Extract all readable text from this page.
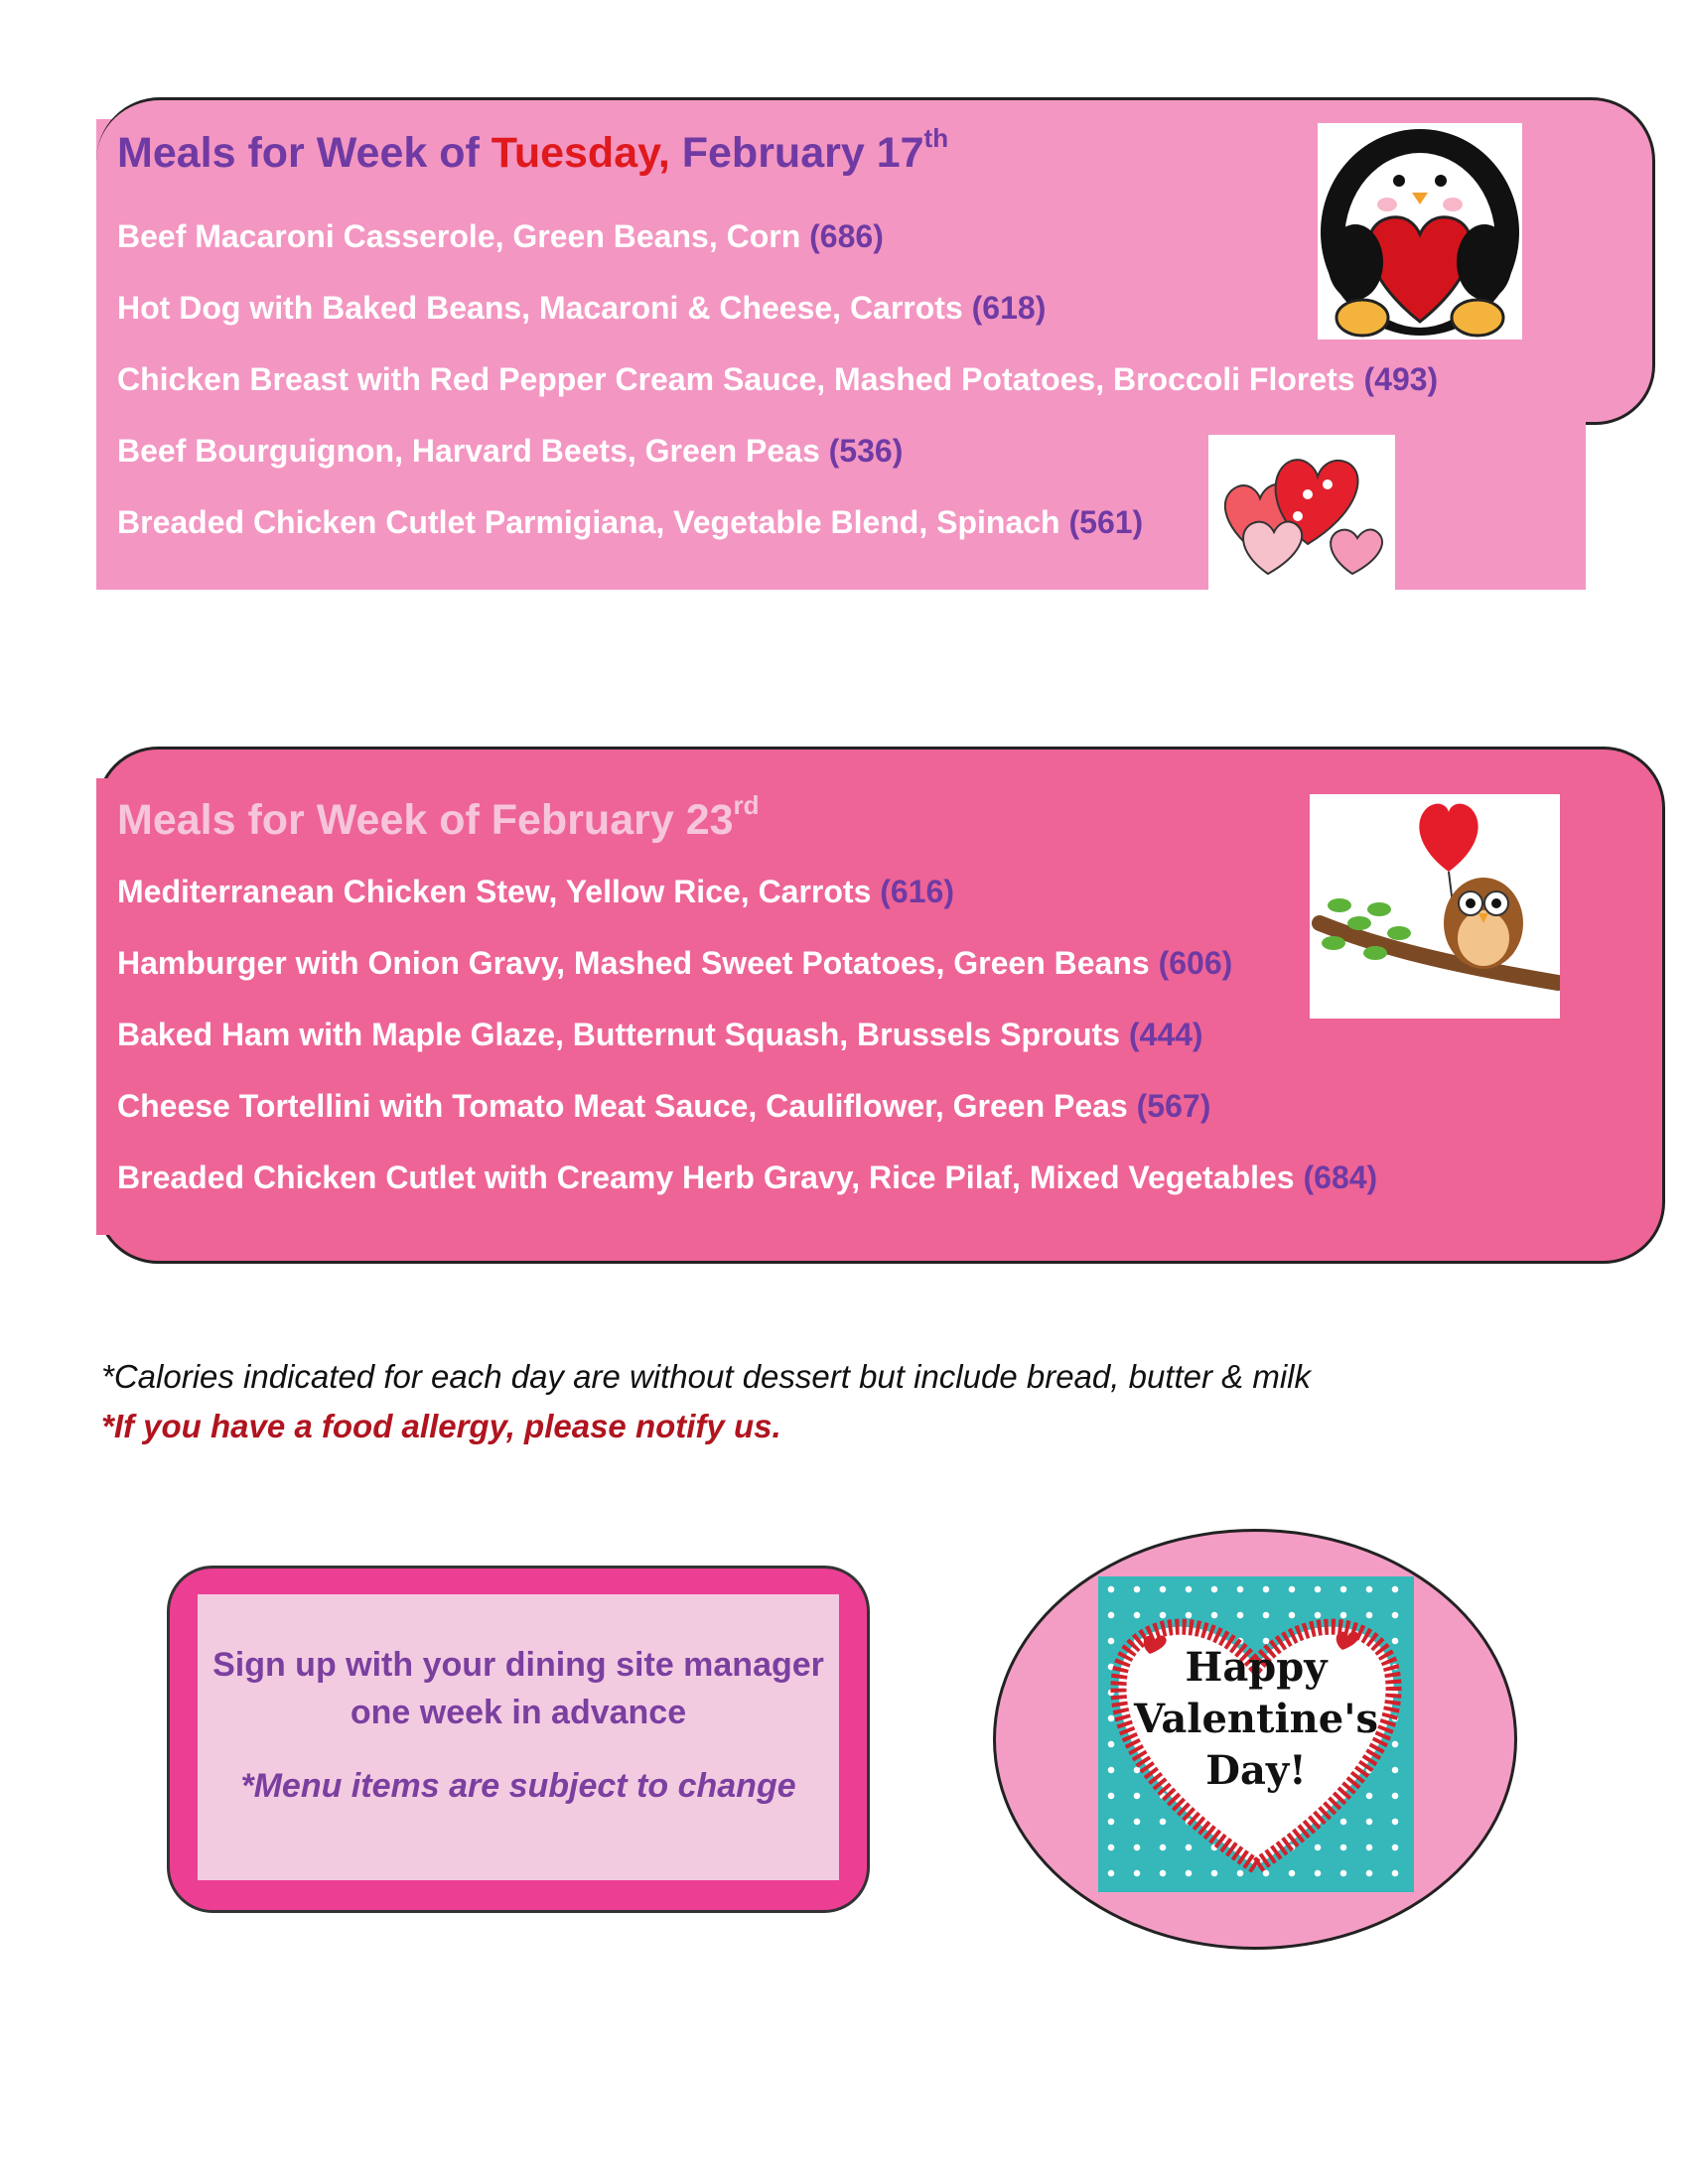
Meals for Week of Tuesday, February 17th
Beef Macaroni Casserole, Green Beans, Corn (686)
Hot Dog with Baked Beans, Macaroni & Cheese, Carrots (618)
Chicken Breast with Red Pepper Cream Sauce, Mashed Potatoes, Broccoli Florets (493)
Beef Bourguignon, Harvard Beets, Green Peas (536)
Breaded Chicken Cutlet Parmigiana, Vegetable Blend, Spinach (561)
Meals for Week of February 23rd
Mediterranean Chicken Stew, Yellow Rice, Carrots (616)
Hamburger with Onion Gravy, Mashed Sweet Potatoes, Green Beans (606)
Baked Ham with Maple Glaze, Butternut Squash, Brussels Sprouts (444)
Cheese Tortellini with Tomato Meat Sauce, Cauliflower, Green Peas (567)
Breaded Chicken Cutlet with Creamy Herb Gravy, Rice Pilaf, Mixed Vegetables (684)
*Calories indicated for each day are without dessert but include bread, butter & milk
*If you have a food allergy, please notify us.
Sign up with your dining site manager
one week in advance
*Menu items are subject to change
Happy
Valentine's
Day!
